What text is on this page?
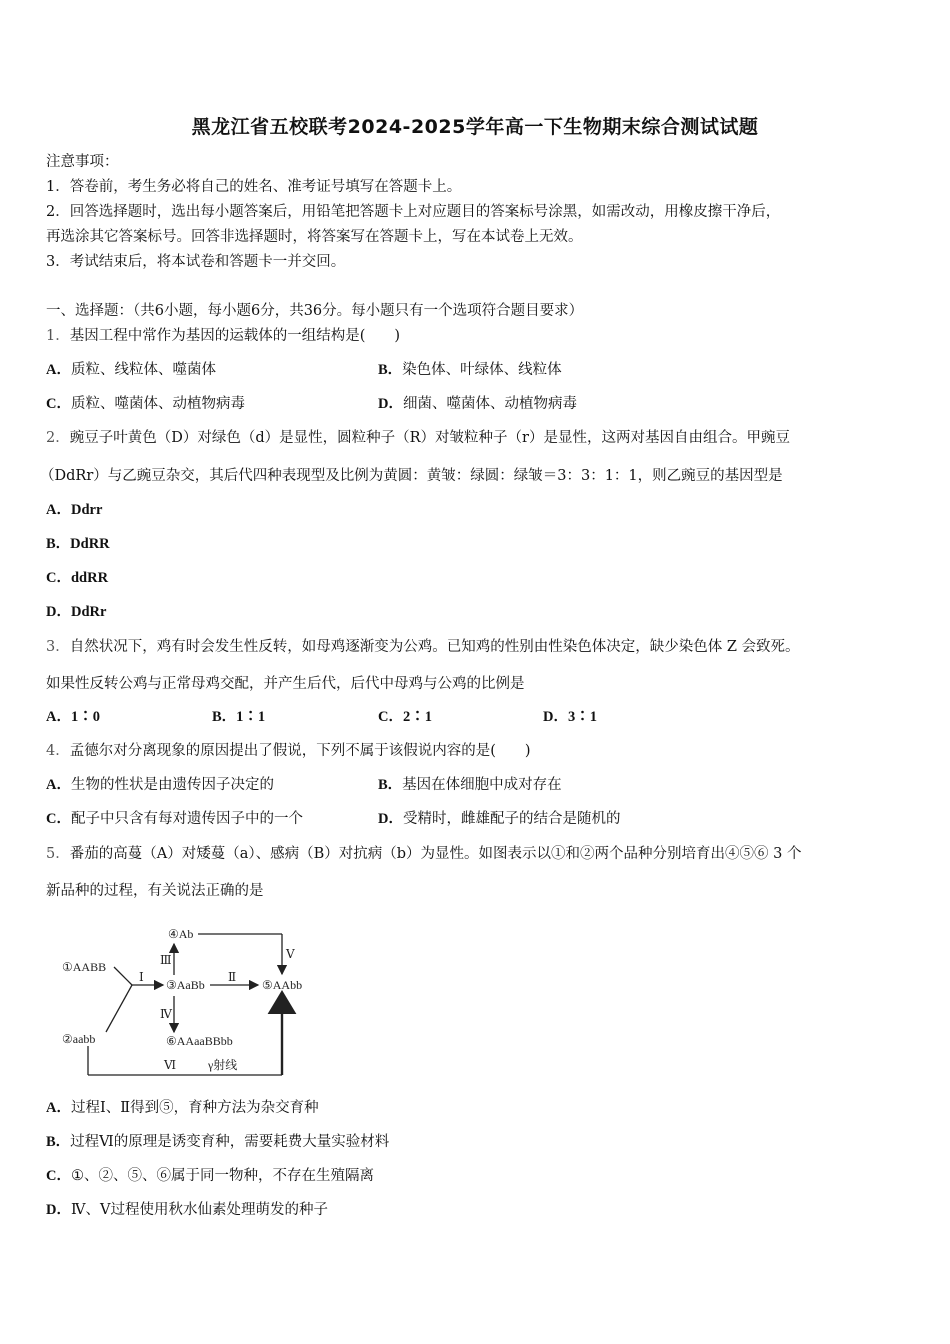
黑龙江省五校联考2024-2025学年高一下生物期末综合测试试题
注意事项：
1．答卷前，考生务必将自己的姓名、准考证号填写在答题卡上。
2．回答选择题时，选出每小题答案后，用铅笔把答题卡上对应题目的答案标号涂黑，如需改动，用橡皮擦干净后，
再选涂其它答案标号。回答非选择题时，将答案写在答题卡上，写在本试卷上无效。
3．考试结束后，将本试卷和答题卡一并交回。
一、选择题：（共6小题，每小题6分，共36分。每小题只有一个选项符合题目要求）
1．基因工程中常作为基因的运载体的一组结构是(　　)
A．质粒、线粒体、噬菌体	B．染色体、叶绿体、线粒体
C．质粒、噬菌体、动植物病毒	D．细菌、噬菌体、动植物病毒
2．豌豆子叶黄色（D）对绿色（d）是显性，圆粒种子（R）对皱粒种子（r）是显性，这两对基因自由组合。甲豌豆
（DdRr）与乙豌豆杂交，其后代四种表现型及比例为黄圆：黄皱：绿圆：绿皱＝3：3：1：1，则乙豌豆的基因型是
A．Ddrr
B．DdRR
C．ddRR
D．DdRr
3．自然状况下，鸡有时会发生性反转，如母鸡逐渐变为公鸡。已知鸡的性别由性染色体决定，缺少染色体 Z 会致死。
如果性反转公鸡与正常母鸡交配，并产生后代，后代中母鸡与公鸡的比例是
A．1∶0	B．1∶1	C．2∶1	D．3∶1
4．孟德尔对分离现象的原因提出了假说，下列不属于该假说内容的是(　　)
A．生物的性状是由遗传因子决定的	B．基因在体细胞中成对存在
C．配子中只含有每对遗传因子中的一个	D．受精时，雌雄配子的结合是随机的
5．番茄的高蔓（A）对矮蔓（a）、感病（B）对抗病（b）为显性。如图表示以①和②两个品种分别培育出④⑤⑥ 3 个
新品种的过程，有关说法正确的是
①AABB
②aabb
③AaBb
④Ab
⑤AAbb
⑥AAaaBBbb
Ⅰ	Ⅱ
Ⅲ
Ⅳ
Ⅴ
Ⅵ	γ射线
A．过程Ⅰ、Ⅱ得到⑤，育种方法为杂交育种
B．过程Ⅵ的原理是诱变育种，需要耗费大量实验材料
C．①、②、⑤、⑥属于同一物种，不存在生殖隔离
D．Ⅳ、Ⅴ过程使用秋水仙素处理萌发的种子
